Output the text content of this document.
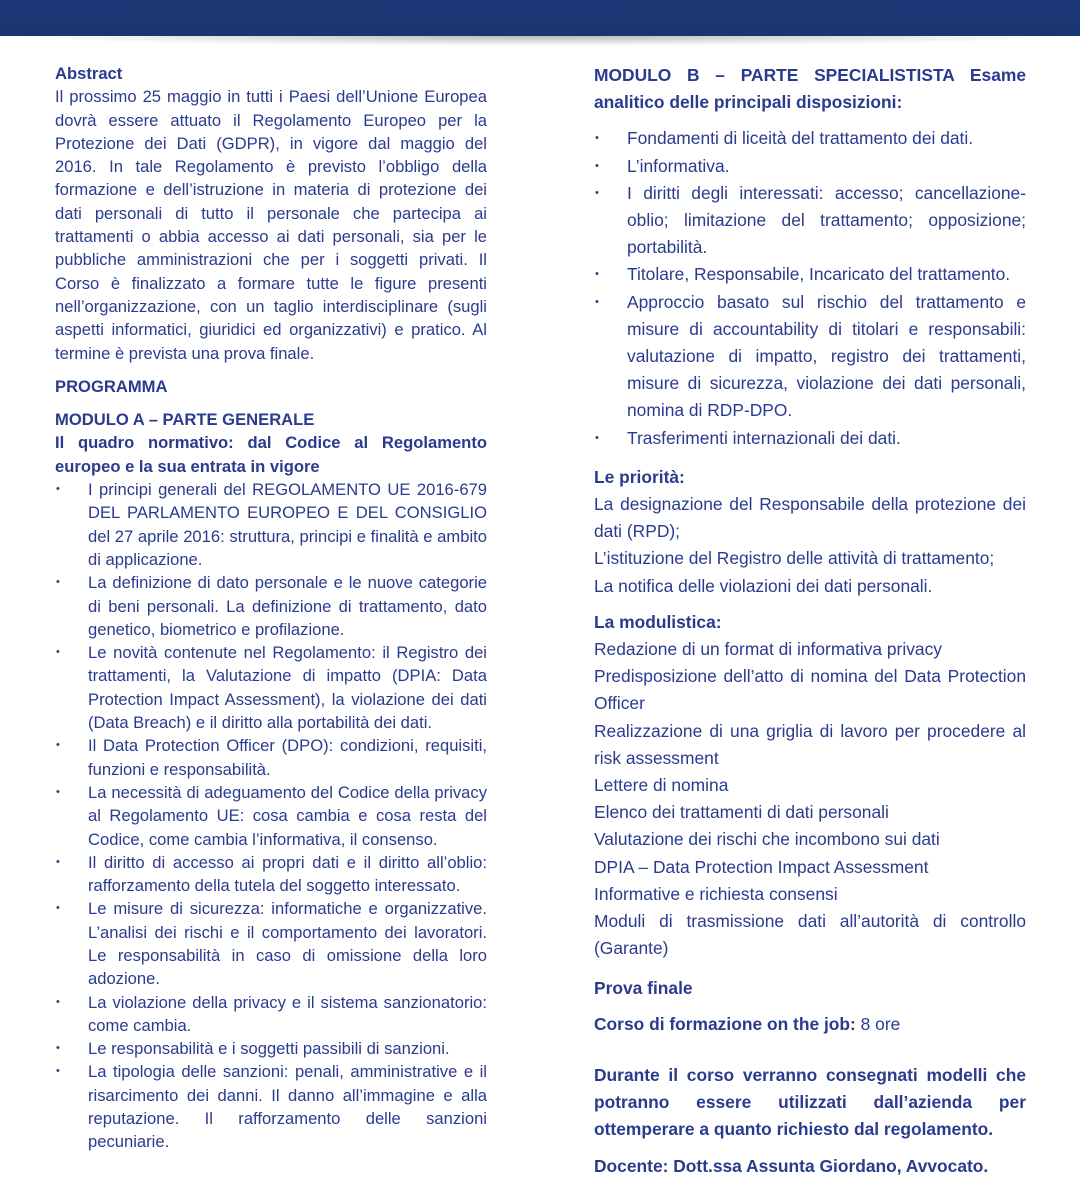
Abstract

Il prossimo 25 maggio in tutti i Paesi dell’Unione Europea dovrà essere attuato il Regolamento Europeo per la Protezione dei Dati (GDPR), in vigore dal maggio del 2016. In tale Regolamento è previsto l’obbligo della formazione e dell’istruzione in materia di protezione dei dati personali di tutto il personale che partecipa ai trattamenti o abbia accesso ai dati personali, sia per le pubbliche amministrazioni che per i soggetti privati. Il Corso è finalizzato a formare tutte le figure presenti nell’organizzazione, con un taglio interdisciplinare (sugli aspetti informatici, giuridici ed organizzativi) e pratico. Al termine è prevista una prova finale.

PROGRAMMA

MODULO A – PARTE GENERALE

Il quadro normativo: dal Codice al Regolamento europeo e la sua entrata in vigore

• I principi generali del REGOLAMENTO UE 2016-679 DEL PARLAMENTO EUROPEO E DEL CONSIGLIO del 27 aprile 2016: struttura, principi e finalità e ambito di applicazione.
• La definizione di dato personale e le nuove categorie di beni personali. La definizione di trattamento, dato genetico, biometrico e profilazione.
• Le novità contenute nel Regolamento: il Registro dei trattamenti, la Valutazione di impatto (DPIA: Data Protection Impact Assessment), la violazione dei dati (Data Breach) e il diritto alla portabilità dei dati.
• Il Data Protection Officer (DPO): condizioni, requisiti, funzioni e responsabilità.
• La necessità di adeguamento del Codice della privacy al Regolamento UE: cosa cambia e cosa resta del Codice, come cambia l’informativa, il consenso.
• Il diritto di accesso ai propri dati e il diritto all’oblio: rafforzamento della tutela del soggetto interessato.
• Le misure di sicurezza: informatiche e organizzative. L’analisi dei rischi e il comportamento dei lavoratori. Le responsabilità in caso di omissione della loro adozione.
• La violazione della privacy e il sistema sanzionatorio: come cambia.
• Le responsabilità e i soggetti passibili di sanzioni.
• La tipologia delle sanzioni: penali, amministrative e il risarcimento dei danni. Il danno all’immagine e alla reputazione. Il rafforzamento delle sanzioni pecuniarie.

MODULO B – PARTE SPECIALISTISTA Esame analitico delle principali disposizioni:

• Fondamenti di liceità del trattamento dei dati.
• L’informativa.
• I diritti degli interessati: accesso; cancellazione-oblio; limitazione del trattamento; opposizione; portabilità.
• Titolare, Responsabile, Incaricato del trattamento.
• Approccio basato sul rischio del trattamento e misure di accountability di titolari e responsabili: valutazione di impatto, registro dei trattamenti, misure di sicurezza, violazione dei dati personali, nomina di RDP-DPO.
• Trasferimenti internazionali dei dati.

Le priorità:

La designazione del Responsabile della protezione dei dati (RPD);

L’istituzione del Registro delle attività di trattamento;

La notifica delle violazioni dei dati personali.

La modulistica:

Redazione di un format di informativa privacy

Predisposizione dell’atto di nomina del Data Protection Officer

Realizzazione di una griglia di lavoro per procedere al risk assessment

Lettere di nomina

Elenco dei trattamenti di dati personali

Valutazione dei rischi che incombono sui dati

DPIA – Data Protection Impact Assessment

Informative e richiesta consensi

Moduli di trasmissione dati all’autorità di controllo (Garante)

Prova finale

Corso di formazione on the job: 8 ore

Durante il corso verranno consegnati modelli che potranno essere utilizzati dall’azienda per ottemperare a quanto richiesto dal regolamento.

Docente: Dott.ssa Assunta Giordano, Avvocato.
